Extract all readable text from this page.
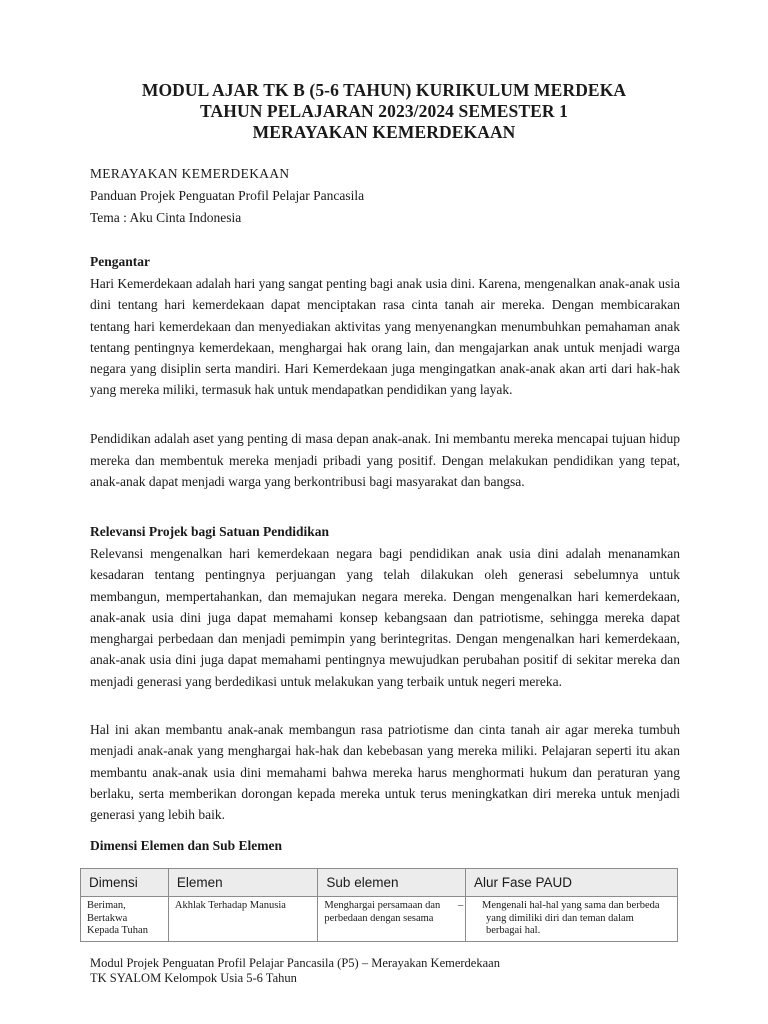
MODUL AJAR TK B (5-6 TAHUN) KURIKULUM MERDEKA
TAHUN PELAJARAN 2023/2024 SEMESTER 1
MERAYAKAN KEMERDEKAAN
MERAYAKAN KEMERDEKAAN
Panduan Projek Penguatan Profil Pelajar Pancasila
Tema : Aku Cinta Indonesia
Pengantar

Hari Kemerdekaan adalah hari yang sangat penting bagi anak usia dini. Karena, mengenalkan anak-anak usia dini tentang hari kemerdekaan dapat menciptakan rasa cinta tanah air mereka. Dengan membicarakan tentang hari kemerdekaan dan menyediakan aktivitas yang menyenangkan menumbuhkan pemahaman anak tentang pentingnya kemerdekaan, menghargai hak orang lain, dan mengajarkan anak untuk menjadi warga negara yang disiplin serta mandiri. Hari Kemerdekaan juga mengingatkan anak-anak akan arti dari hak-hak yang mereka miliki, termasuk hak untuk mendapatkan pendidikan yang layak.

Pendidikan adalah aset yang penting di masa depan anak-anak. Ini membantu mereka mencapai tujuan hidup mereka dan membentuk mereka menjadi pribadi yang positif. Dengan melakukan pendidikan yang tepat, anak-anak dapat menjadi warga yang berkontribusi bagi masyarakat dan bangsa.

Relevansi Projek bagi Satuan Pendidikan

Relevansi mengenalkan hari kemerdekaan negara bagi pendidikan anak usia dini adalah menanamkan kesadaran tentang pentingnya perjuangan yang telah dilakukan oleh generasi sebelumnya untuk membangun, mempertahankan, dan memajukan negara mereka. Dengan mengenalkan hari kemerdekaan, anak-anak usia dini juga dapat memahami konsep kebangsaan dan patriotisme, sehingga mereka dapat menghargai perbedaan dan menjadi pemimpin yang berintegritas. Dengan mengenalkan hari kemerdekaan, anak-anak usia dini juga dapat memahami pentingnya mewujudkan perubahan positif di sekitar mereka dan menjadi generasi yang berdedikasi untuk melakukan yang terbaik untuk negeri mereka.

Hal ini akan membantu anak-anak membangun rasa patriotisme dan cinta tanah air agar mereka tumbuh menjadi anak-anak yang menghargai hak-hak dan kebebasan yang mereka miliki. Pelajaran seperti itu akan membantu anak-anak usia dini memahami bahwa mereka harus menghormati hukum dan peraturan yang berlaku, serta memberikan dorongan kepada mereka untuk terus meningkatkan diri mereka untuk menjadi generasi yang lebih baik.

Dimensi Elemen dan Sub Elemen
Dimensi	Elemen	Sub elemen	Alur Fase PAUD
Beriman, Bertakwa Kepada Tuhan	Akhlak Terhadap Manusia	Menghargai persamaan dan perbedaan dengan sesama	– Mengenali hal-hal yang sama dan berbeda yang dimiliki diri dan teman dalam berbagai hal.
Modul Projek Penguatan Profil Pelajar Pancasila (P5) – Merayakan Kemerdekaan
TK SYALOM Kelompok Usia 5-6 Tahun
